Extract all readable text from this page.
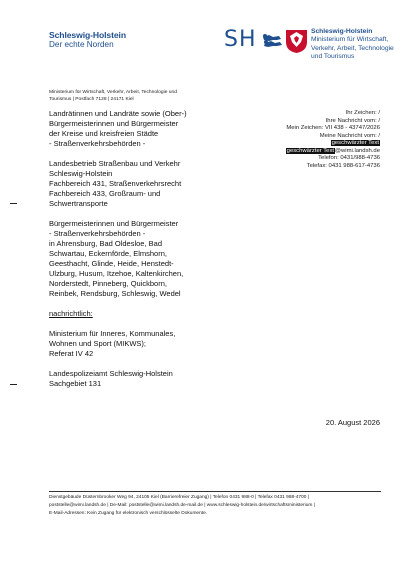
Schleswig-Holstein
Der echte Norden	SH	Schleswig-Holstein
Ministerium für Wirtschaft,
Verkehr, Arbeit, Technologie
und Tourismus
Ministerium für Wirtschaft, Verkehr, Arbeit, Technologie und
Tourismus | Postfach 7128 | 24171 Kiel
Landrätinnen und Landräte sowie (Ober-)
Bürgermeisterinnen und Bürgermeister
der Kreise und kreisfreien Städte
- Straßenverkehrsbehörden -
Landesbetrieb Straßenbau und Verkehr
Schleswig-Holstein
Fachbereich 431, Straßenverkehrsrecht
Fachbereich 433, Großraum- und
Schwertransporte
Bürgermeisterinnen und Bürgermeister
- Straßenverkehrsbehörden -
in Ahrensburg, Bad Oldesloe, Bad
Schwartau, Eckernförde, Elmshorn,
Geesthacht, Glinde, Heide, Henstedt-
Ulzburg, Husum, Itzehoe, Kaltenkirchen,
Norderstedt, Pinneberg, Quickborn,
Reinbek, Rendsburg, Schleswig, Wedel
nachrichtlich:
Ministerium für Inneres, Kommunales,
Wohnen und Sport (MIKWS);
Referat IV 42
Landespolizeiamt Schleswig-Holstein
Sachgebiet 131
Ihr Zeichen: /
Ihre Nachricht vom: /
Mein Zeichen: VII 438 - 43747/2026
Meine Nachricht vom: /
geschwärzter Text
geschwärzter Text@wimi.landsh.de
Telefon: 0431/988-4736
Telefax: 0431 988-617-4736
20. August 2026
Dienstgebäude Düsternbrooker Weg 94, 24105 Kiel (Barrierefreier Zugang) | Telefon 0431 988-0 | Telefax 0431 988-4700 |
poststelle@wimi.landsh.de | De-Mail: poststelle@wimi.landsh.de-mail.de | www.schleswig-holstein.de/wirtschaftsministerium |
E-Mail-Adressen: Kein Zugang für elektronisch verschlüsselte Dokumente.
